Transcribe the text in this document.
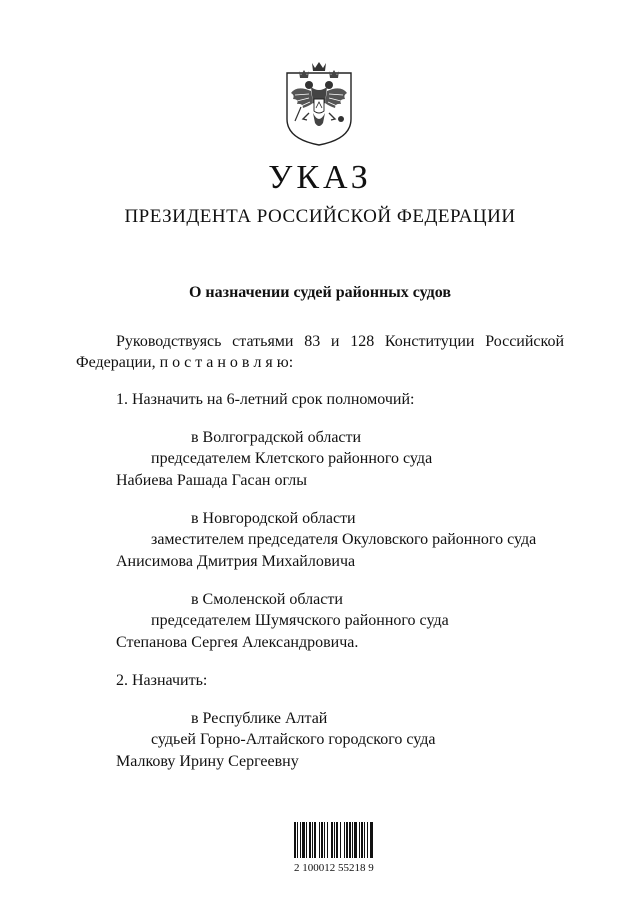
УКАЗ
ПРЕЗИДЕНТА РОССИЙСКОЙ ФЕДЕРАЦИИ
О назначении судей районных судов
Руководствуясь статьями 83 и 128 Конституции Российской
Федерации, п о с т а н о в л я ю:
1. Назначить на 6-летний срок полномочий:
в Волгоградской области
председателем Клетского районного суда
Набиева Рашада Гасан оглы
в Новгородской области
заместителем председателя Окуловского районного суда
Анисимова Дмитрия Михайловича
в Смоленской области
председателем Шумячского районного суда
Степанова Сергея Александровича.
2. Назначить:
в Республике Алтай
судьей Горно-Алтайского городского суда
Малкову Ирину Сергеевну
2 100012 55218 9
